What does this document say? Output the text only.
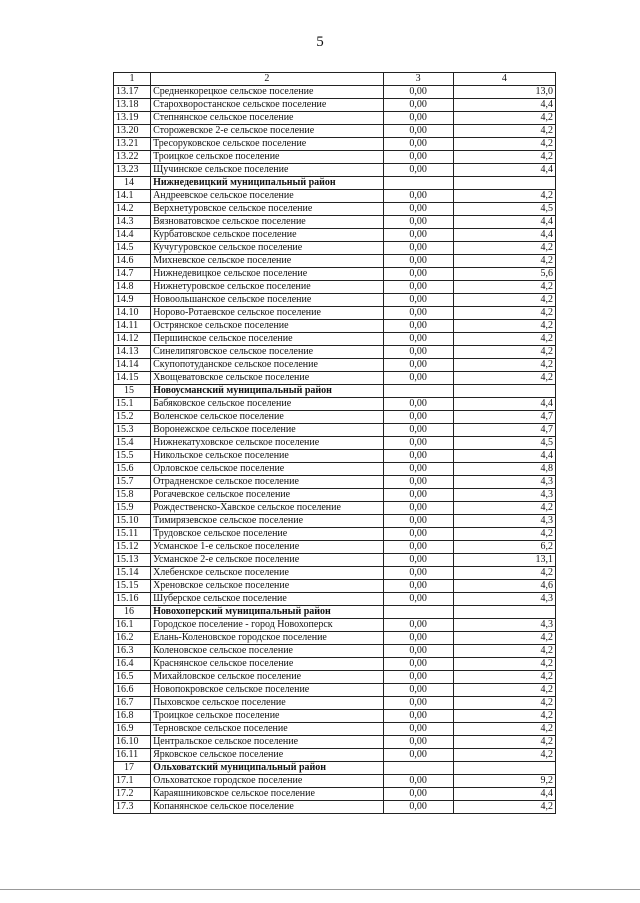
5
1	2	3	4
13.17	Средненкорецкое сельское поселение	0,00	13,0
13.18	Старохворостанское сельское поселение	0,00	4,4
13.19	Степнянское сельское поселение	0,00	4,2
13.20	Сторожевское 2-е сельское поселение	0,00	4,2
13.21	Тресоруковское сельское поселение	0,00	4,2
13.22	Троицкое сельское поселение	0,00	4,2
13.23	Щучинское сельское поселение	0,00	4,4
14	Нижнедевицкий муниципальный район		
14.1	Андреевское сельское поселение	0,00	4,2
14.2	Верхнетуровское сельское поселение	0,00	4,5
14.3	Вязноватовское сельское поселение	0,00	4,4
14.4	Курбатовское сельское поселение	0,00	4,4
14.5	Кучугуровское сельское поселение	0,00	4,2
14.6	Михневское сельское поселение	0,00	4,2
14.7	Нижнедевицкое сельское поселение	0,00	5,6
14.8	Нижнетуровское сельское поселение	0,00	4,2
14.9	Новоольшанское сельское поселение	0,00	4,2
14.10	Норово-Ротаевское сельское поселение	0,00	4,2
14.11	Острянское сельское поселение	0,00	4,2
14.12	Першинское сельское поселение	0,00	4,2
14.13	Синелипяговское сельское поселение	0,00	4,2
14.14	Скупопотуданское сельское поселение	0,00	4,2
14.15	Хвощеватовское сельское поселение	0,00	4,2
15	Новоусманский муниципальный район		
15.1	Бабяковское сельское поселение	0,00	4,4
15.2	Воленское сельское поселение	0,00	4,7
15.3	Воронежское сельское поселение	0,00	4,7
15.4	Нижнекатуховское сельское поселение	0,00	4,5
15.5	Никольское сельское поселение	0,00	4,4
15.6	Орловское сельское поселение	0,00	4,8
15.7	Отрадненское сельское поселение	0,00	4,3
15.8	Рогачевское сельское поселение	0,00	4,3
15.9	Рождественско-Хавское сельское поселение	0,00	4,2
15.10	Тимирязевское сельское поселение	0,00	4,3
15.11	Трудовское сельское поселение	0,00	4,2
15.12	Усманское 1-е сельское поселение	0,00	6,2
15.13	Усманское 2-е сельское поселение	0,00	13,1
15.14	Хлебенское сельское поселение	0,00	4,2
15.15	Хреновское сельское поселение	0,00	4,6
15.16	Шуберское сельское поселение	0,00	4,3
16	Новохоперский муниципальный район		
16.1	Городское поселение - город Новохоперск	0,00	4,3
16.2	Елань-Коленовское городское поселение	0,00	4,2
16.3	Коленовское сельское поселение	0,00	4,2
16.4	Краснянское сельское поселение	0,00	4,2
16.5	Михайловское сельское поселение	0,00	4,2
16.6	Новопокровское сельское поселение	0,00	4,2
16.7	Пыховское сельское поселение	0,00	4,2
16.8	Троицкое сельское поселение	0,00	4,2
16.9	Терновское сельское поселение	0,00	4,2
16.10	Центральское сельское поселение	0,00	4,2
16.11	Ярковское сельское поселение	0,00	4,2
17	Ольховатский муниципальный район		
17.1	Ольховатское городское поселение	0,00	9,2
17.2	Караяшниковское сельское поселение	0,00	4,4
17.3	Копанянское сельское поселение	0,00	4,2
